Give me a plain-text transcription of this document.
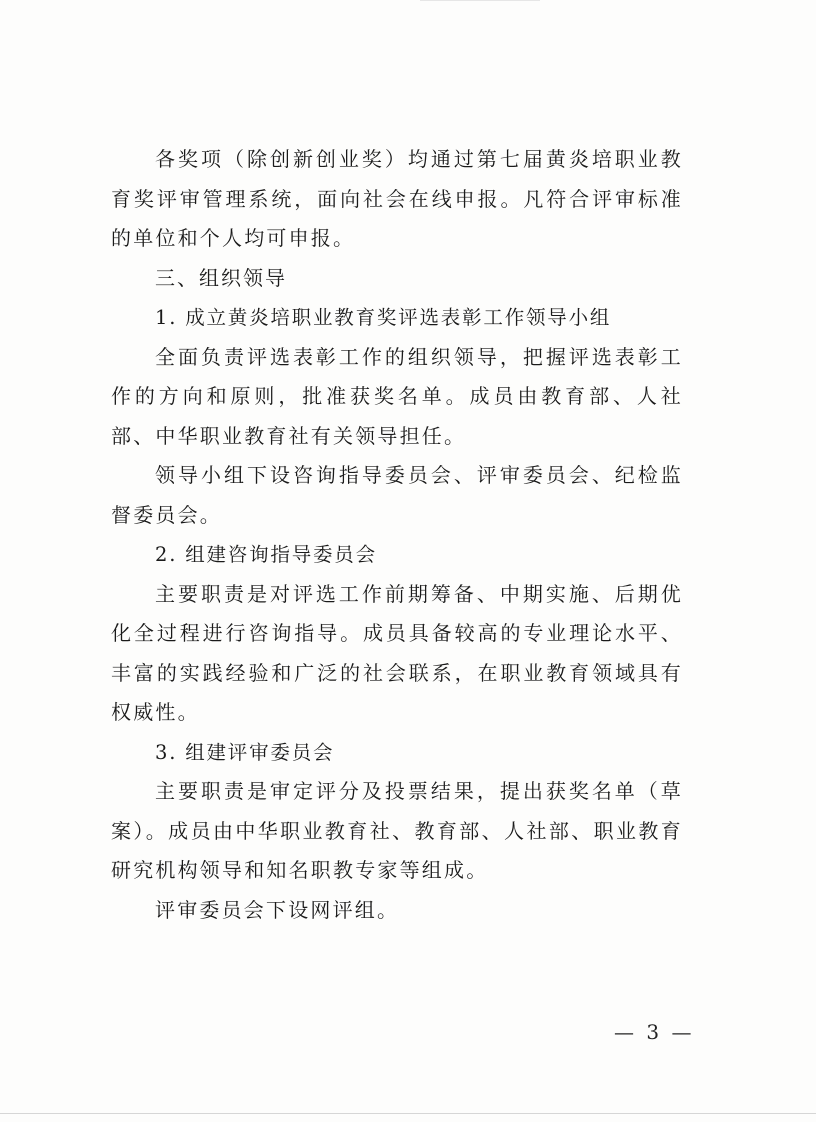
各奖项（除创新创业奖）均通过第七届黄炎培职业教育奖评审管理系统，面向社会在线申报。凡符合评审标准的单位和个人均可申报。

三、组织领导

1. 成立黄炎培职业教育奖评选表彰工作领导小组

全面负责评选表彰工作的组织领导，把握评选表彰工作的方向和原则，批准获奖名单。成员由教育部、人社部、中华职业教育社有关领导担任。

领导小组下设咨询指导委员会、评审委员会、纪检监督委员会。

2. 组建咨询指导委员会

主要职责是对评选工作前期筹备、中期实施、后期优化全过程进行咨询指导。成员具备较高的专业理论水平、丰富的实践经验和广泛的社会联系，在职业教育领域具有权威性。

3. 组建评审委员会

主要职责是审定评分及投票结果，提出获奖名单（草案）。成员由中华职业教育社、教育部、人社部、职业教育研究机构领导和知名职教专家等组成。

评审委员会下设网评组。

— 3 —
